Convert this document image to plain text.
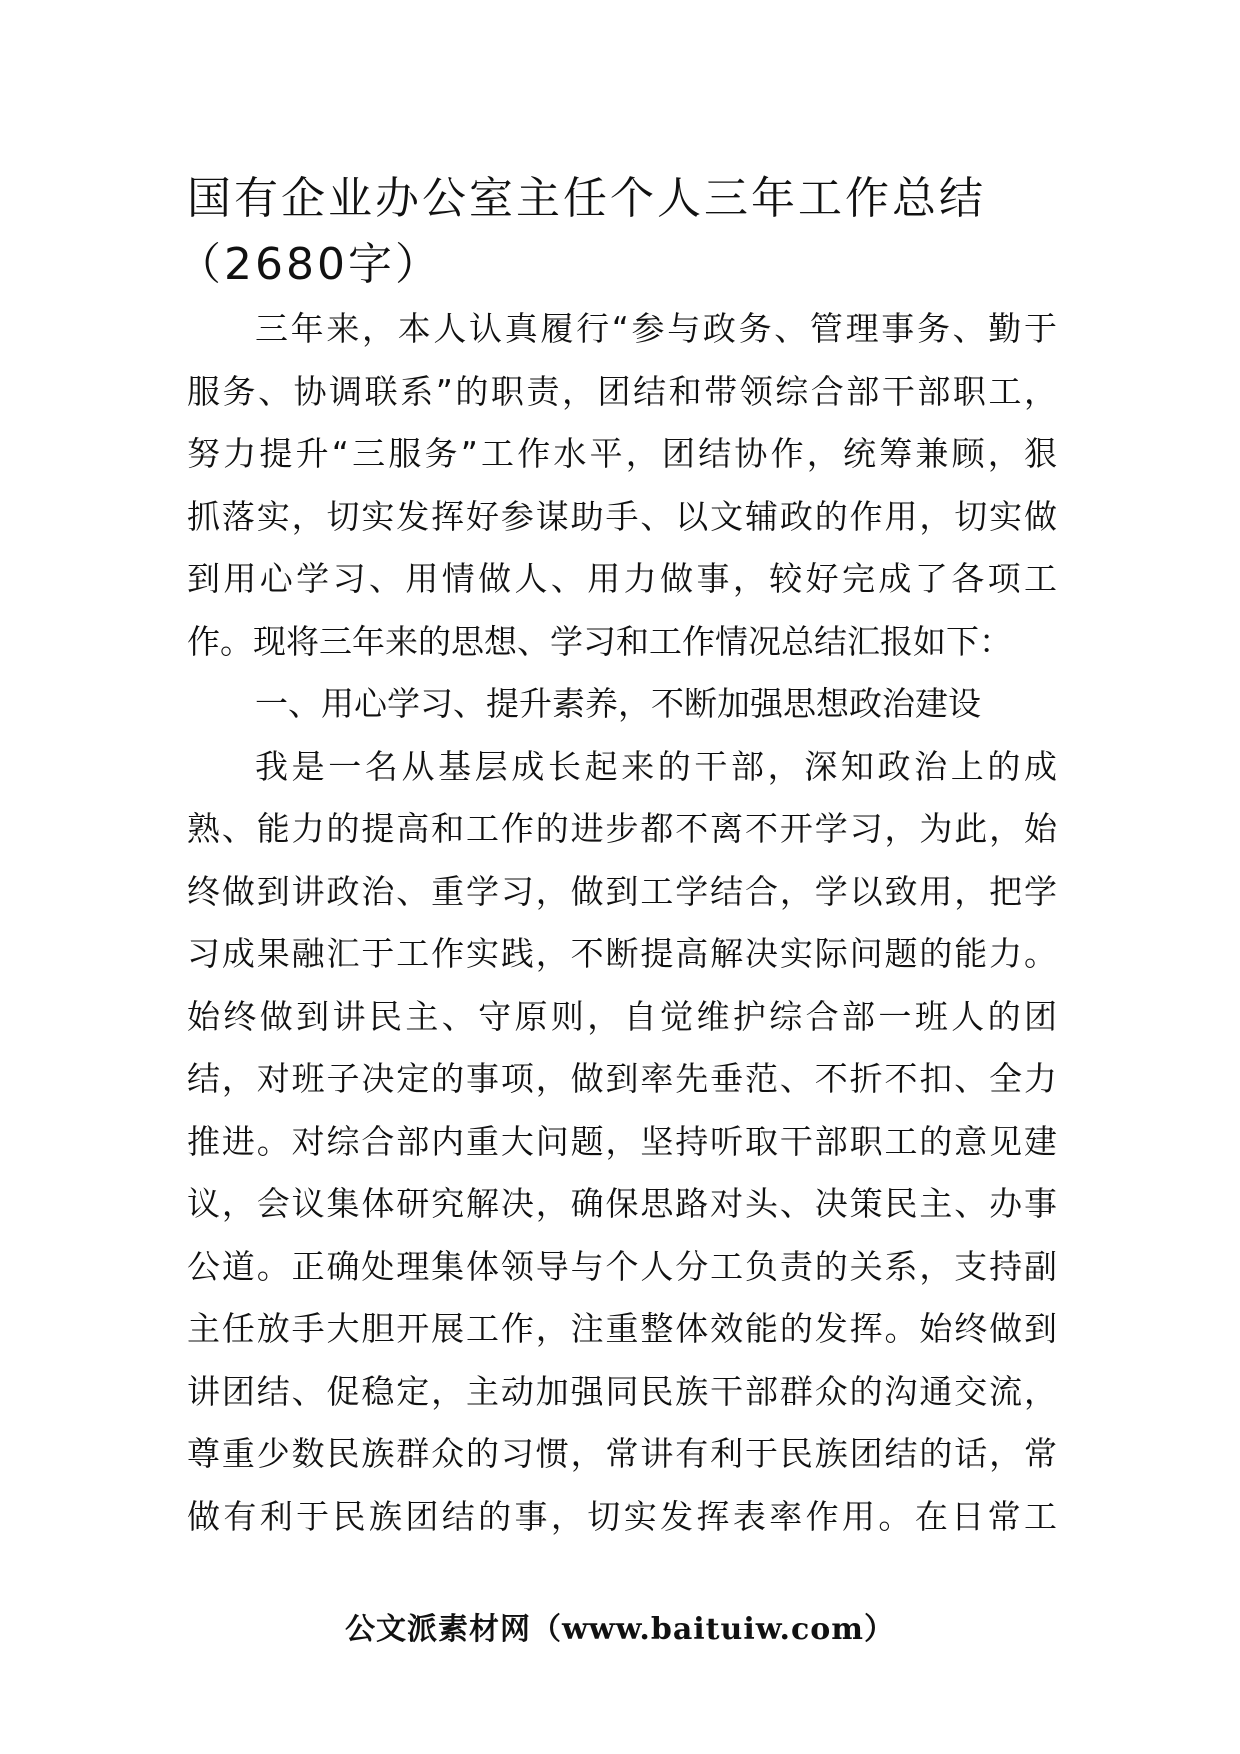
国有企业办公室主任个人三年工作总结
（2680字）
三年来，本人认真履行“参与政务、管理事务、勤于
服务、协调联系”的职责，团结和带领综合部干部职工，
努力提升“三服务”工作水平，团结协作，统筹兼顾，狠
抓落实，切实发挥好参谋助手、以文辅政的作用，切实做
到用心学习、用情做人、用力做事，较好完成了各项工
作。现将三年来的思想、学习和工作情况总结汇报如下：
一、用心学习、提升素养，不断加强思想政治建设
我是一名从基层成长起来的干部，深知政治上的成
熟、能力的提高和工作的进步都不离不开学习，为此，始
终做到讲政治、重学习，做到工学结合，学以致用，把学
习成果融汇于工作实践，不断提高解决实际问题的能力。
始终做到讲民主、守原则，自觉维护综合部一班人的团
结，对班子决定的事项，做到率先垂范、不折不扣、全力
推进。对综合部内重大问题，坚持听取干部职工的意见建
议，会议集体研究解决，确保思路对头、决策民主、办事
公道。正确处理集体领导与个人分工负责的关系，支持副
主任放手大胆开展工作，注重整体效能的发挥。始终做到
讲团结、促稳定，主动加强同民族干部群众的沟通交流，
尊重少数民族群众的习惯，常讲有利于民族团结的话，常
做有利于民族团结的事，切实发挥表率作用。在日常工
公文派素材网（www.baituiw.com）
